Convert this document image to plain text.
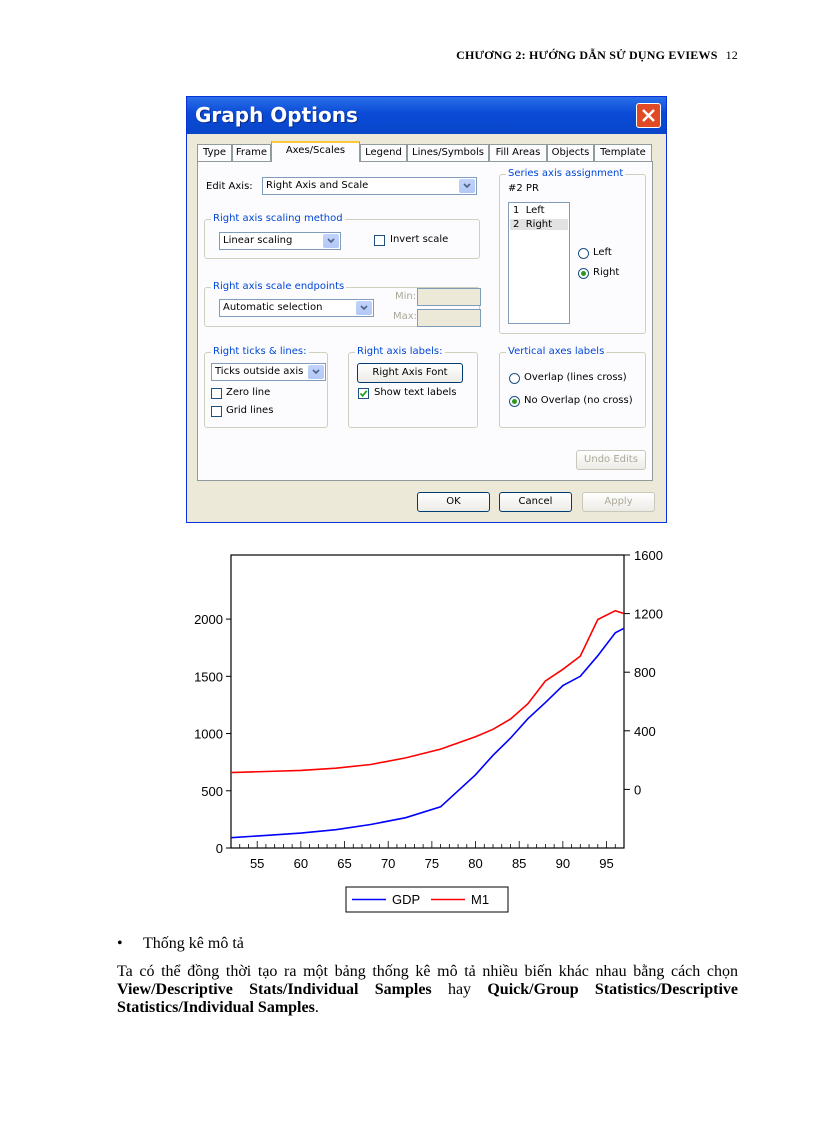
CHƯƠNG 2: HƯỚNG DẪN SỬ DỤNG EVIEWS 12
Graph Options
Type Frame	Axes/Scales	Legend	Lines/Symbols	Fill Areas	Objects	Template
Edit Axis:	Right Axis and Scale
Right axis scaling method
Linear scaling	Invert scale
Right axis scale endpoints
Automatic selection
Min:
Max:
Right ticks & lines:
Ticks outside axis
Zero line
Grid lines
Right axis labels:
Right Axis Font
Show text labels
Series axis assignment
#2 PR
1 Left
2 Right
Left
Right
Vertical axes labels
Overlap (lines cross)
No Overlap (no cross)
Undo Edits
OK	Cancel	Apply
55 60 65 70 75 80 85 90 95
0
500
1000
1500
2000
0
400
800
1200
1600
GDP	M1
• Thống kê mô tả
Ta có thể đồng thời tạo ra một bảng thống kê mô tả nhiều biến khác nhau bằng cách chọn View/Descriptive Stats/Individual Samples hay Quick/Group Statistics/Descriptive Statistics/Individual Samples.
